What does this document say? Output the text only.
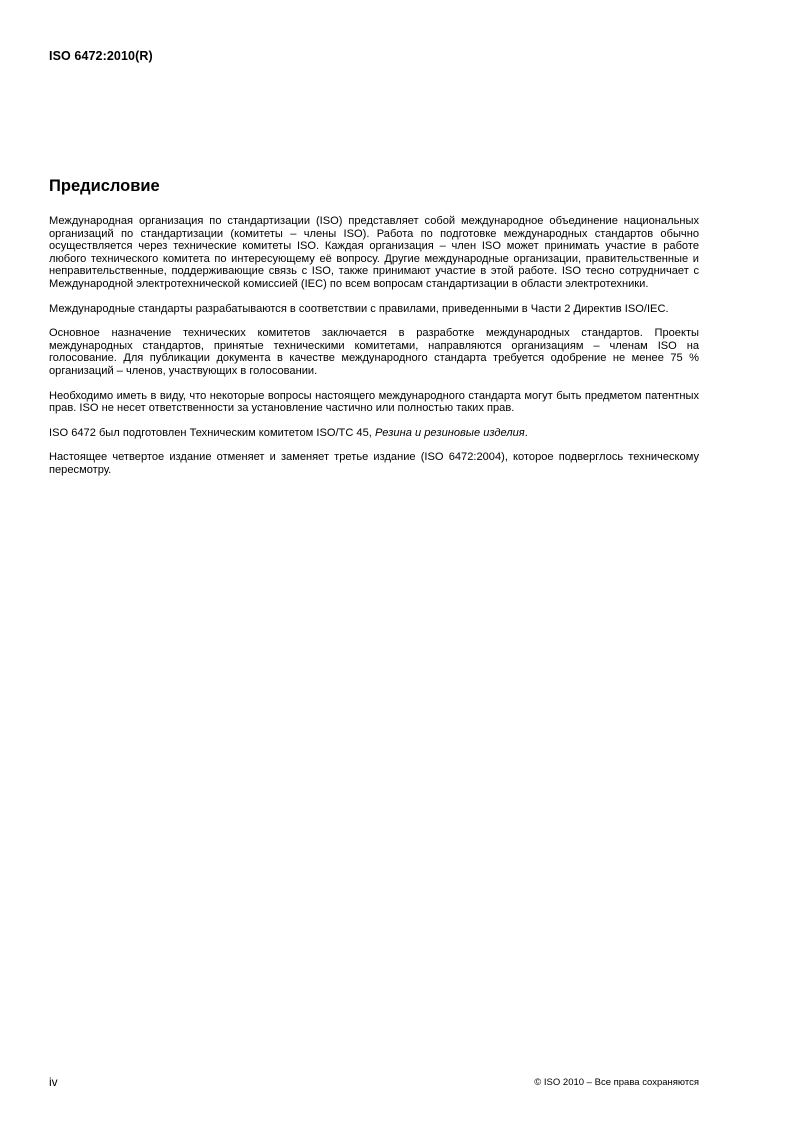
ISO 6472:2010(R)
Предисловие

Международная организация по стандартизации (ISO) представляет собой международное объединение национальных организаций по стандартизации (комитеты – члены ISO). Работа по подготовке международных стандартов обычно осуществляется через технические комитеты ISO. Каждая организация – член ISO может принимать участие в работе любого технического комитета по интересующему её вопросу. Другие международные организации, правительственные и неправительственные, поддерживающие связь с ISO, также принимают участие в этой работе. ISO тесно сотрудничает с Международной электротехнической комиссией (IEC) по всем вопросам стандартизации в области электротехники.

Международные стандарты разрабатываются в соответствии с правилами, приведенными в Части 2 Директив ISO/IEC.

Основное назначение технических комитетов заключается в разработке международных стандартов. Проекты международных стандартов, принятые техническими комитетами, направляются организациям – членам ISO на голосование. Для публикации документа в качестве международного стандарта требуется одобрение не менее 75 % организаций – членов, участвующих в голосовании.

Необходимо иметь в виду, что некоторые вопросы настоящего международного стандарта могут быть предметом патентных прав. ISO не несет ответственности за установление частично или полностью таких прав.

ISO 6472 был подготовлен Техническим комитетом ISO/TC 45, Резина и резиновые изделия.

Настоящее четвертое издание отменяет и заменяет третье издание (ISO 6472:2004), которое подверглось техническому пересмотру.

iv	© ISO 2010 – Все права сохраняются
